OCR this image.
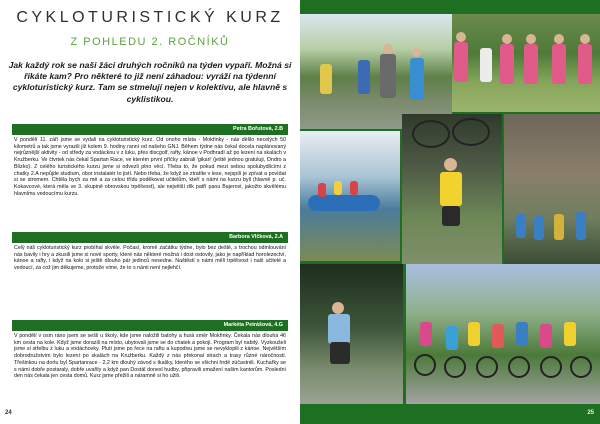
CYKLOTURISTICKÝ KURZ
Z POHLEDU 2. ROČNÍKŮ
Jak každý rok se naši žáci druhých ročníků na týden vypaří. Možná si říkáte kam? Pro některé to již není záhadou: vyráží na týdenní cykloturistický kurz. Tam se stmelují nejen v kolektivu, ale hlavně s cyklistikou.
Petra Bořutová, 2.B
V pondělí 11. září jsme se vydali na cykloturistický kurz. Od onoho místa - Mokřinky - nás dělilo necelých 50 kilometrů a tak jsme vyrazili již kolem 9. hodiny ranní od našeho GNJ. Během týdne nás čekal docela naplánovaný nejrůznější aktivity - od středy za vodáckou v z luku, přes discgolf, rafty, kánoe v Podhradí až po lezení na skalách v Kružberku. Ve čtvrtek nás čekal Spartan Race, ve kterém první příčky zabrali 'gikari' (ještě jednou gratuluji, Ondro a Blízko). Z celého turistického kurzu jsme si odvezli plno věcí. Třeba to, že pokud mezi sebou spolubydlícími z chatky 2.A nepůjde studium, obor instalatér to jistí. Nebo třeba, že když se ztratíte v lese, nejspíš je zpívat a povídat si se stromem. Chtěla bych za mě a za celou třídu poděkovat učitelům, kteří s námi na kurzu byli (hlavně p. uč. Kokavcové, která měla ve 3. skupině obrovskou trpělivost), ale největší dík patří panu Bajerovi, jakožto skvělému hlavnímu vedoucímu kurzu.
Barbora Vlčková, 2.A
Celý náš cykloturistický kurz probíhal skvěle. Počasí, kromě začátku týdne, bylo bez deště, s trochou odmlouvání nás bavily i hry a zkusili jsme si nové sporty, které nás některé možná i dost ostovily, jako je například horolezectví, kánoe a rafty, i když na kolo si ještě dlouho pár jedinců nesedne. Naštěstí s námi měli trpělivost i naši učitelé a vedoucí, za což jim děkujeme, protože víme, že to s námi není nejlehčí.
Markéta Petrášová, 4.G
V pondělí v osm ráno jsem se sešli u školy, kde jsme naložili batohy a hurá směr Mokřinky. Čekala nás dlouhá 46 km cesta na kole. Když jsme dorazili na místo, ubytovali jsme se do chatek a pokoji. Program byl nabitý. Vyzkoušeli jsme si střelbu z luku a vodáchovky. Plutí jsme po řece na raftu a kupodivu jsme se nevyklopili z kánoe. Největším dobrodružstvím bylo lezení po skalách na Kružberku. Každý z nás překonal strach a trasy různé náročnosti. Třešinkou na dortu byl Spartanrace - 2,2 km dlouhý závod s tkašky, kterého se všichni hrdě zúčastnili. Kuchařky se s námi dobře postaraly, dobře uvařily a když pan Dostál donesl hudby, připravili smažení našim kantorům. Poslední den nás čekala jen cesta domů. Kurz jsme přežili a náramně si ho užili.
24	25
